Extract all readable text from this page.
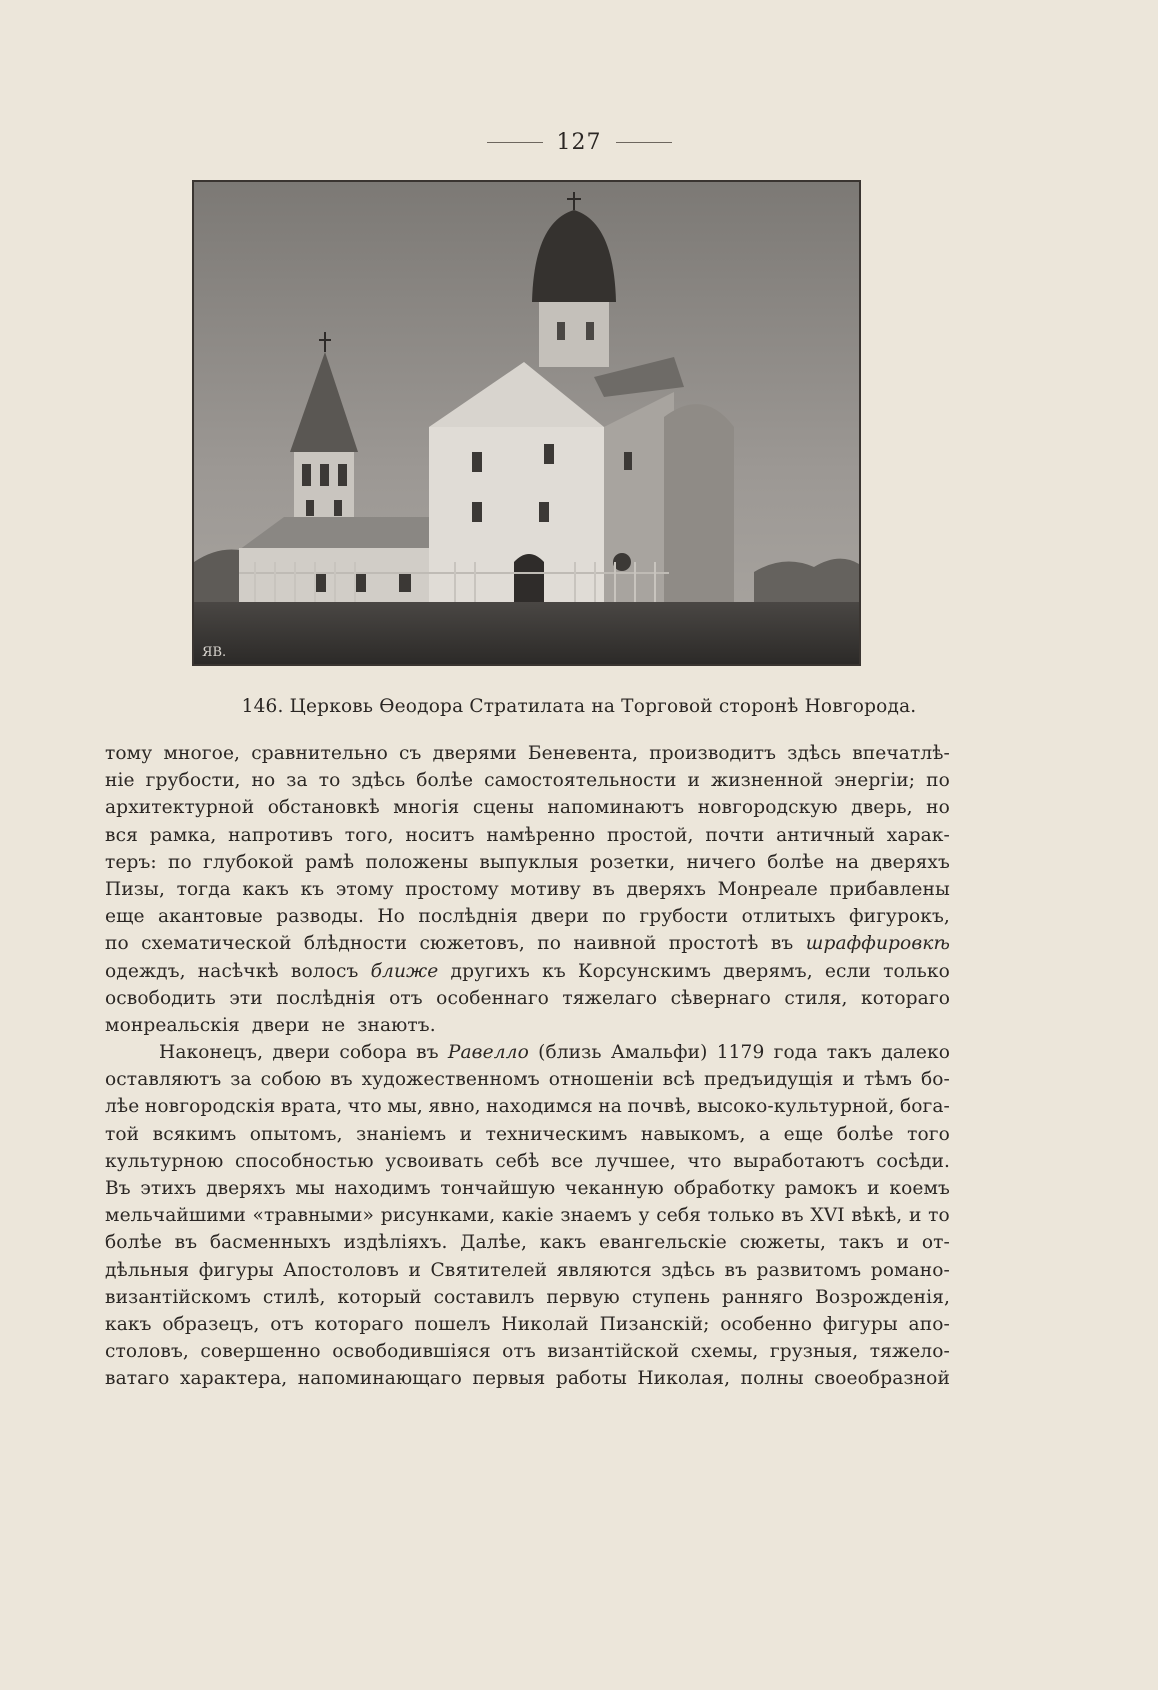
127
ЯВ.
146. Церковь Өеодора Стратилата на Торговой сторонѣ Новгорода.
тому многое, сравнительно съ дверями Беневента, производитъ здѣсь впечатлѣ-
ніе грубости, но за то здѣсь болѣе самостоятельности и жизненной энергіи; по
архитектурной обстановкѣ многія сцены напоминаютъ новгородскую дверь, но
вся рамка, напротивъ того, носитъ намѣренно простой, почти античный харак-
теръ: по глубокой рамѣ положены выпуклыя розетки, ничего болѣе на дверяхъ
Пизы, тогда какъ къ этому простому мотиву въ дверяхъ Монреале прибавлены
еще акантовые разводы. Но послѣднія двери по грубости отлитыхъ фигурокъ,
по схематической блѣдности сюжетовъ, по наивной простотѣ въ шраффировкѣ
одеждъ, насѣчкѣ волосъ ближе другихъ къ Корсунскимъ дверямъ, если только
освободить эти послѣднія отъ особеннаго тяжелаго сѣвернаго стиля, котораго
монреальскія двери не знаютъ.
Наконецъ, двери собора въ Равелло (близь Амальфи) 1179 года такъ далеко
оставляютъ за собою въ художественномъ отношеніи всѣ предъидущія и тѣмъ бо-
лѣе новгородскія врата, что мы, явно, находимся на почвѣ, высоко-культурной, бога-
той всякимъ опытомъ, знаніемъ и техническимъ навыкомъ, а еще болѣе того
культурною способностью усвоивать себѣ все лучшее, что выработаютъ сосѣди.
Въ этихъ дверяхъ мы находимъ тончайшую чеканную обработку рамокъ и коемъ
мельчайшими «травными» рисунками, какіе знаемъ у себя только въ XVI вѣкѣ, и то
болѣе въ басменныхъ издѣліяхъ. Далѣе, какъ евангельскіе сюжеты, такъ и от-
дѣльныя фигуры Апостоловъ и Святителей являются здѣсь въ развитомъ романо-
византійскомъ стилѣ, который составилъ первую ступень ранняго Возрожденія,
какъ образецъ, отъ котораго пошелъ Николай Пизанскій; особенно фигуры апо-
столовъ, совершенно освободившіяся отъ византійской схемы, грузныя, тяжело-
ватаго характера, напоминающаго первыя работы Николая, полны своеобразной
